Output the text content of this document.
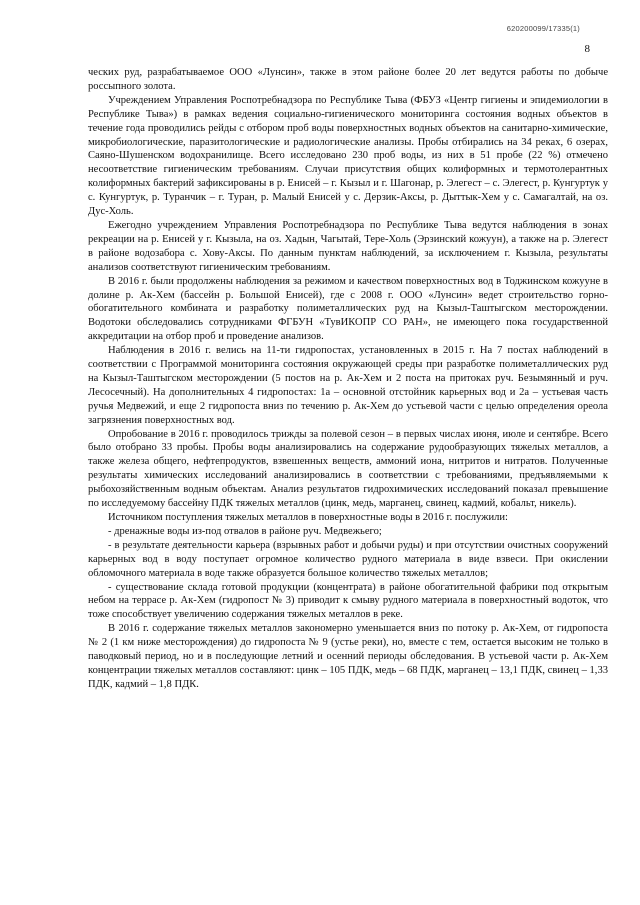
620200099/17335(1)
8

ческих руд, разрабатываемое ООО «Лунсин», также в этом районе более 20 лет ведутся работы по добыче россыпного золота.

Учреждением Управления Роспотребнадзора по Республике Тыва (ФБУЗ «Центр гигиены и эпидемиологии в Республике Тыва») в рамках ведения социально-гигиенического мониторинга состояния водных объектов в течение года проводились рейды с отбором проб воды поверхностных водных объектов на санитарно-химические, микробиологические, паразитологические и радиологические анализы. Пробы отбирались на 34 реках, 6 озерах, Саяно-Шушенском водохранилище. Всего исследовано 230 проб воды, из них в 51 пробе (22 %) отмечено несоответствие гигиеническим требованиям. Случаи присутствия общих колиформных и термотолерантных колиформных бактерий зафиксированы в р. Енисей – г. Кызыл и г. Шагонар, р. Элегест – с. Элегест, р. Кунгуртук у с. Кунгуртук, р. Туранчик – г. Туран, р. Малый Енисей у с. Дерзик-Аксы, р. Дыттык-Хем у с. Самагалтай, на оз. Дус-Холь.

Ежегодно учреждением Управления Роспотребнадзора по Республике Тыва ведутся наблюдения в зонах рекреации на р. Енисей у г. Кызыла, на оз. Хадын, Чагытай, Тере-Холь (Эрзинский кожуун), а также на р. Элегест в районе водозабора с. Хову-Аксы. По данным пунктам наблюдений, за исключением г. Кызыла, результаты анализов соответствуют гигиеническим требованиям.

В 2016 г. были продолжены наблюдения за режимом и качеством поверхностных вод в Тоджинском кожууне в долине р. Ак-Хем (бассейн р. Большой Енисей), где с 2008 г. ООО «Лунсин» ведет строительство горно-обогатительного комбината и разработку полиметаллических руд на Кызыл-Таштыгском месторождении. Водотоки обследовались сотрудниками ФГБУН «ТувИКОПР СО РАН», не имеющего пока государственной аккредитации на отбор проб и проведение анализов.

Наблюдения в 2016 г. велись на 11-ти гидропостах, установленных в 2015 г. На 7 постах наблюдений в соответствии с Программой мониторинга состояния окружающей среды при разработке полиметаллических руд на Кызыл-Таштыгском месторождении (5 постов на р. Ак-Хем и 2 поста на притоках руч. Безымянный и руч. Лесосечный). На дополнительных 4 гидропостах: 1а – основной отстойник карьерных вод и 2а – устьевая часть ручья Медвежий, и еще 2 гидропоста вниз по течению р. Ак-Хем до устьевой части с целью определения ореола загрязнения поверхностных вод.

Опробование в 2016 г. проводилось трижды за полевой сезон – в первых числах июня, июле и сентябре. Всего было отобрано 33 пробы. Пробы воды анализировались на содержание рудообразующих тяжелых металлов, а также железа общего, нефтепродуктов, взвешенных веществ, аммоний иона, нитритов и нитратов. Полученные результаты химических исследований анализировались в соответствии с требованиями, предъявляемыми к рыбохозяйственным водным объектам. Анализ результатов гидрохимических исследований показал превышение по исследуемому бассейну ПДК тяжелых металлов (цинк, медь, марганец, свинец, кадмий, кобальт, никель).

Источником поступления тяжелых металлов в поверхностные воды в 2016 г. послужили:

- дренажные воды из-под отвалов в районе руч. Медвежьего;

- в результате деятельности карьера (взрывных работ и добычи руды) и при отсутствии очистных сооружений карьерных вод в воду поступает огромное количество рудного материала в виде взвеси. При окислении обломочного материала в воде также образуется большое количество тяжелых металлов;

- существование склада готовой продукции (концентрата) в районе обогатительной фабрики под открытым небом на террасе р. Ак-Хем (гидропост № 3) приводит к смыву рудного материала в поверхностный водоток, что тоже способствует увеличению содержания тяжелых металлов в реке.

В 2016 г. содержание тяжелых металлов закономерно уменьшается вниз по потоку р. Ак-Хем, от гидропоста № 2 (1 км ниже месторождения) до гидропоста № 9 (устье реки), но, вместе с тем, остается высоким не только в паводковый период, но и в последующие летний и осенний периоды обследования. В устьевой части р. Ак-Хем концентрации тяжелых металлов составляют: цинк – 105 ПДК, медь – 68 ПДК, марганец – 13,1 ПДК, свинец – 1,33 ПДК, кадмий – 1,8 ПДК.
